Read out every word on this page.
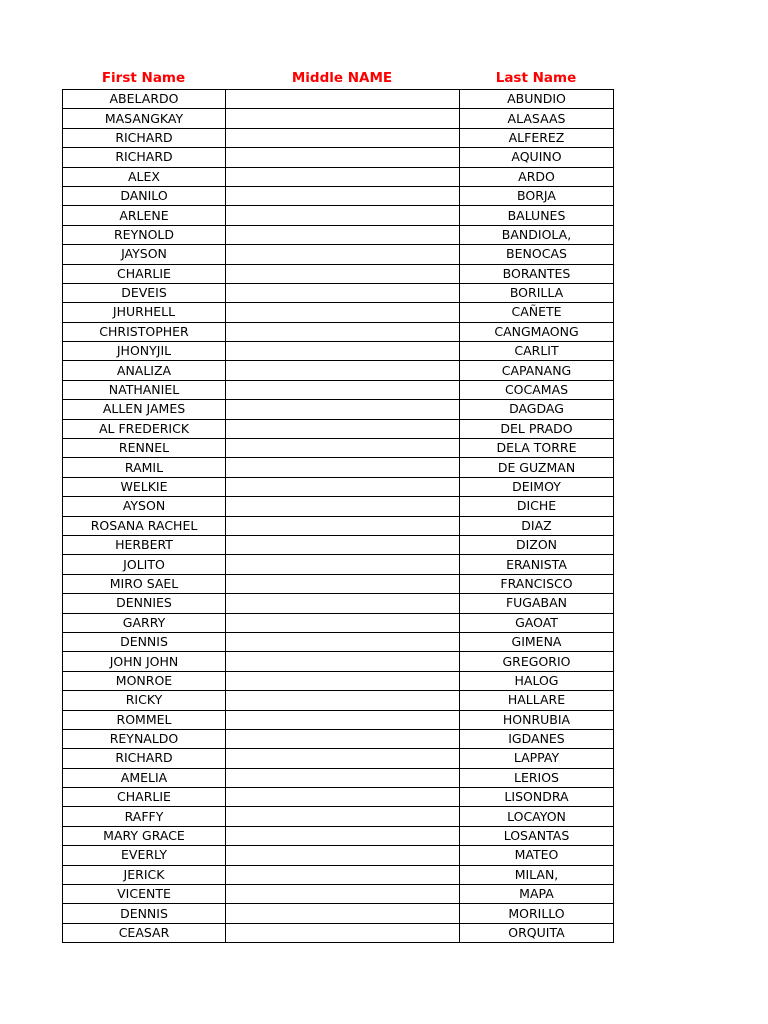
First Name	Middle NAME	Last Name
ABELARDO		ABUNDIO
MASANGKAY		ALASAAS
RICHARD		ALFEREZ
RICHARD		AQUINO
ALEX		ARDO
DANILO		BORJA
ARLENE		BALUNES
REYNOLD		BANDIOLA,
JAYSON		BENOCAS
CHARLIE		BORANTES
DEVEIS		BORILLA
JHURHELL		CAÑETE
CHRISTOPHER		CANGMAONG
JHONYJIL		CARLIT
ANALIZA		CAPANANG
NATHANIEL		COCAMAS
ALLEN JAMES		DAGDAG
AL FREDERICK		DEL PRADO
RENNEL		DELA TORRE
RAMIL		DE GUZMAN
WELKIE		DEIMOY
AYSON		DICHE
ROSANA RACHEL		DIAZ
HERBERT		DIZON
JOLITO		ERANISTA
MIRO SAEL		FRANCISCO
DENNIES		FUGABAN
GARRY		GAOAT
DENNIS		GIMENA
JOHN JOHN		GREGORIO
MONROE		HALOG
RICKY		HALLARE
ROMMEL		HONRUBIA
REYNALDO		IGDANES
RICHARD		LAPPAY
AMELIA		LERIOS
CHARLIE		LISONDRA
RAFFY		LOCAYON
MARY GRACE		LOSANTAS
EVERLY		MATEO
JERICK		MILAN,
VICENTE		MAPA
DENNIS		MORILLO
CEASAR		ORQUITA
